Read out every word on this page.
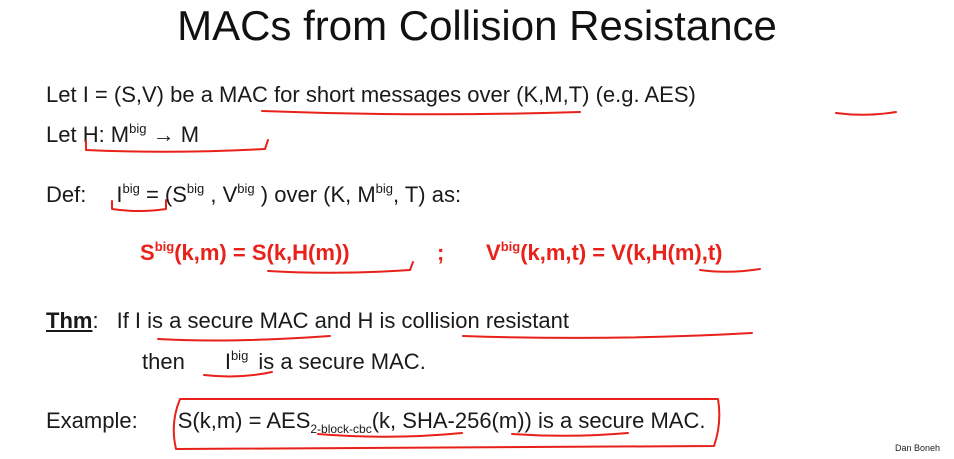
MACs from Collision Resistance
Let I = (S,V) be a MAC for short messages over (K,M,T) (e.g. AES)
Let H: $M^{big} \to M$
Def: $I^{big} = (S^{big}$ , $V^{big}$ ) over (K, $M^{big}$, T) as:
$S^{big}(k,m) = S(k,H(m))$	; $V^{big}(k,m,t) = V(k,H(m),t)$
Thm: If I is a secure MAC and H is collision resistant
then $I^{big}$ is a secure MAC.
Example: $S(k,m) = AES_{2-block-cbc}(k$, SHA-256(m)) is a secure MAC.
Dan Boneh
